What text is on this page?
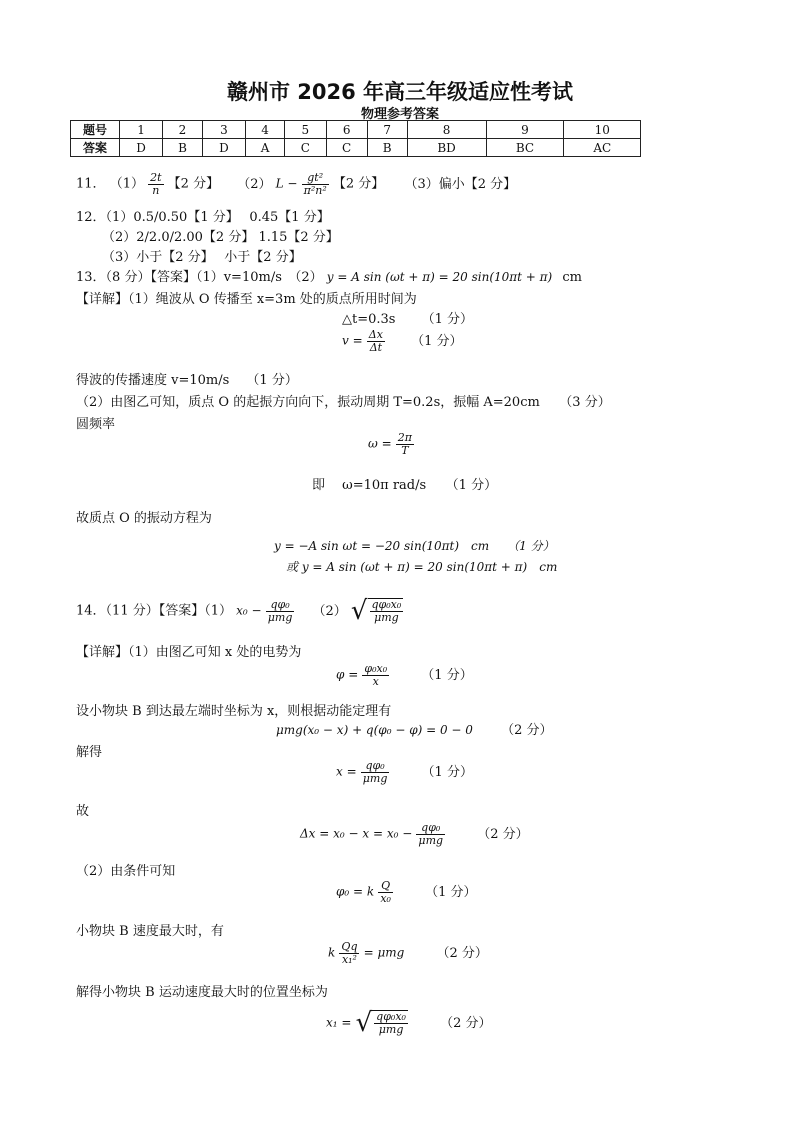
赣州市 2026 年高三年级适应性考试
物理参考答案
题号	1	2	3	4	5	6	7	8	9	10
答案	D	B	D	A	C	C	B	BD	BC	AC
11． $(1) \frac{2t}{n}$ 【2 分】 （2） $L - \frac{\text{gt²}}{\text{π²n²}}$ 【2 分】 （3）偏小【2 分】
12．（1）0.5/0.50【1 分】　 0.45【1 分】
（2）2/2.0/2.00【2 分】 1.15【2 分】
（3）小于【2 分】　 小于【2 分】
13．（8 分）【答案】（1）v=10m/s　（2） y = A sin (ωt + π) = 20 sin(10πt + π) cm
【详解】（1）绳波从 O 传播至 x=3m 处的质点所用时间为
△t=0.3s （1 分）
$v = \frac{\Delta x}{\Delta t} (1$ 分）
得波的传播速度 v=10m/s　 （1 分）
（2）由图乙可知，质点 O 的起振方向向下，振动周期 T=0.2s，振幅 A=20cm　　（3 分）
圆频率
$\omega = \frac{2\pi}{T}$
即　 ω=10π rad/s　　（1 分）
故质点 O 的振动方程为
y = −A sin ωt = −20 sin(10πt)　cm　　（1 分）
或 y = A sin (ωt + π) = 20 sin(10πt + π)　cm
14．（11 分）【答案】（1） $x_0 - \frac{\text{qφ₀}}{\text{μmg}} (2)$ √ $\frac{\text{qφ₀x₀}}{\text{μmg}}$
【详解】（1）由图乙可知 x 处的电势为
$\varphi = \frac{\text{φ₀x₀}}{x} (1$ 分）
设小物块 B 到达最左端时坐标为 x，则根据动能定理有
μmg(x₀ − x) + q(φ₀ − φ) = 0 − 0 （2 分）
解得
$x = \frac{\text{qφ₀}}{\text{μmg}} (1$ 分）
故
$\Delta x = x_0 - x = x_0 - \frac{\text{qφ₀}}{\text{μmg}} (2$ 分）
（2）由条件可知
φ₀ = k $\frac{Q}{\text{x₀}} (1$ 分）
小物块 B 速度最大时，有
k $\frac{Qq}{\text{x₁²}} = \mu mg$ （2 分）
解得小物块 B 运动速度最大时的位置坐标为
x₁ = √ $\frac{\text{qφ₀x₀}}{\text{μmg}} (2$ 分）
